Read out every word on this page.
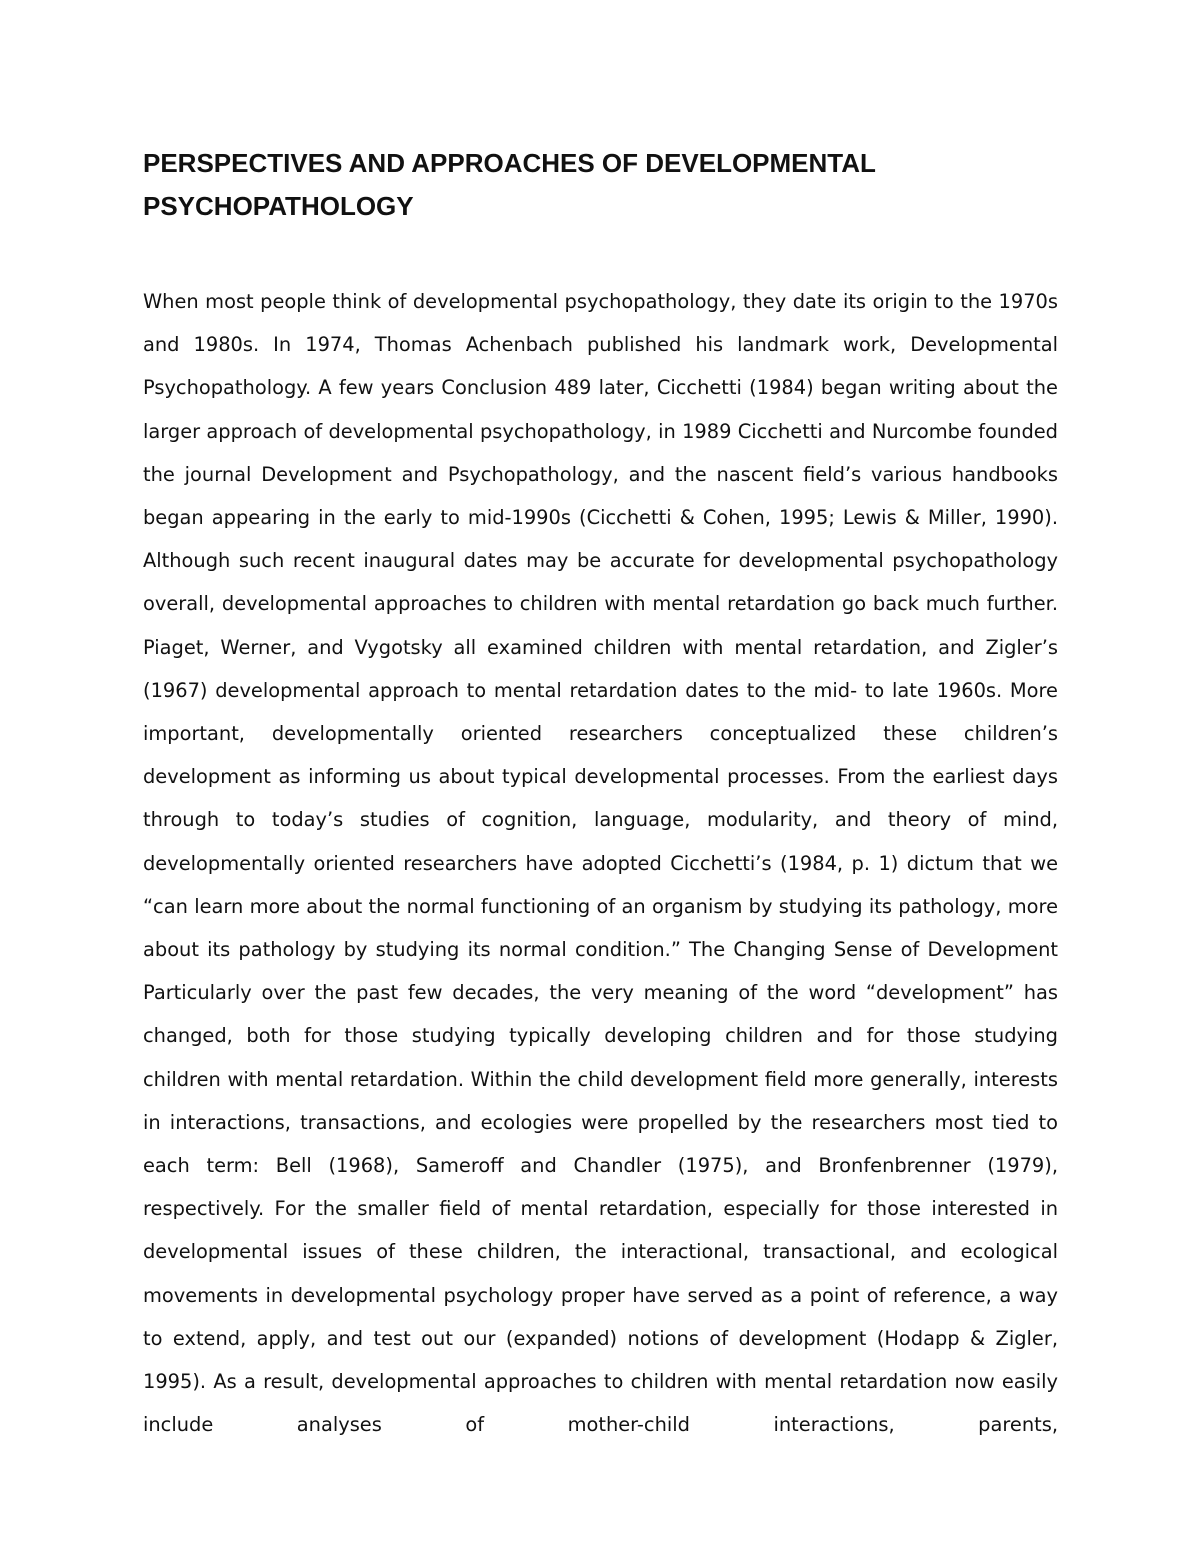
PERSPECTIVES AND APPROACHES OF DEVELOPMENTAL PSYCHOPATHOLOGY

When most people think of developmental psychopathology, they date its origin to the 1970s and 1980s. In 1974, Thomas Achenbach published his landmark work, Developmental Psychopathology. A few years Conclusion 489 later, Cicchetti (1984) began writing about the larger approach of developmental psychopathology, in 1989 Cicchetti and Nurcombe founded the journal Development and Psychopathology, and the nascent field’s various handbooks began appearing in the early to mid-1990s (Cicchetti & Cohen, 1995; Lewis & Miller, 1990). Although such recent inaugural dates may be accurate for developmental psychopathology overall, developmental approaches to children with mental retardation go back much further. Piaget, Werner, and Vygotsky all examined children with mental retardation, and Zigler’s (1967) developmental approach to mental retardation dates to the mid- to late 1960s. More important, developmentally oriented researchers conceptualized these children’s development as informing us about typical developmental processes. From the earliest days through to today’s studies of cognition, language, modularity, and theory of mind, developmentally oriented researchers have adopted Cicchetti’s (1984, p. 1) dictum that we “can learn more about the normal functioning of an organism by studying its pathology, more about its pathology by studying its normal condition.” The Changing Sense of Development Particularly over the past few decades, the very meaning of the word “development” has changed, both for those studying typically developing children and for those studying children with mental retardation. Within the child development field more generally, interests in interactions, transactions, and ecologies were propelled by the researchers most tied to each term: Bell (1968), Sameroff and Chandler (1975), and Bronfenbrenner (1979), respectively. For the smaller field of mental retardation, especially for those interested in developmental issues of these children, the interactional, transactional, and ecological movements in developmental psychology proper have served as a point of reference, a way to extend, apply, and test out our (expanded) notions of development (Hodapp & Zigler, 1995). As a result, developmental approaches to children with mental retardation now easily include analyses of mother-child interactions, parents,
